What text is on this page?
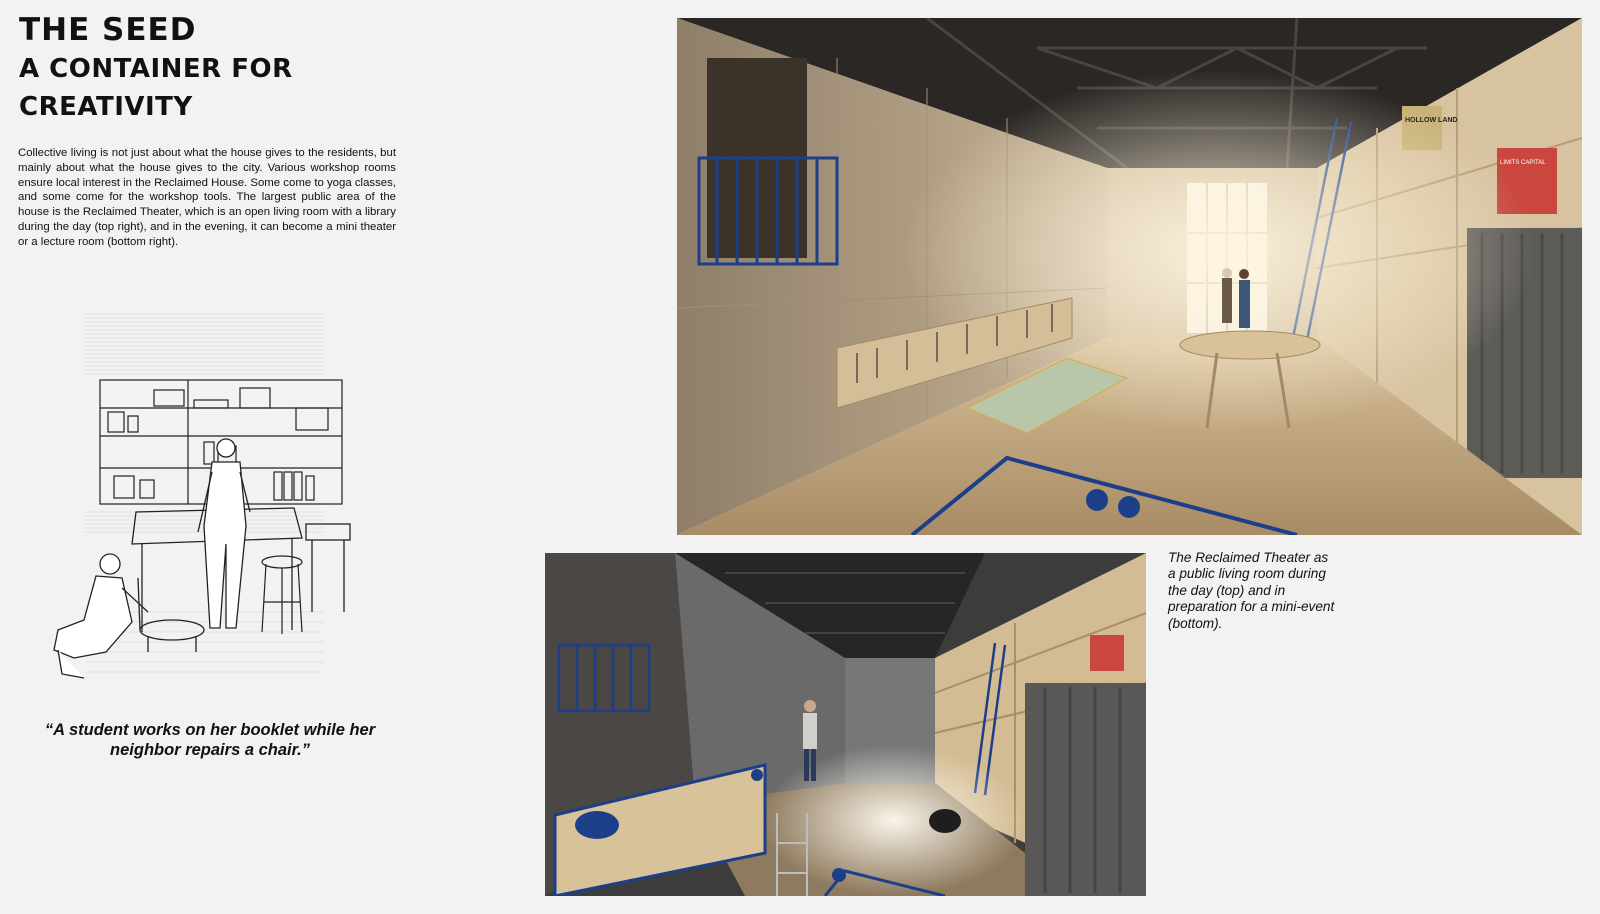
THE SEED
A CONTAINER FOR CREATIVITY

Collective living is not just about what the house gives to the residents, but mainly about what the house gives to the city. Various workshop rooms ensure local interest in the Reclaimed House. Some come to yoga classes, and some come for the workshop tools. The largest public area of the house is the Reclaimed Theater, which is an open living room with a library during the day (top right), and in the evening, it can become a mini theater or a lecture room (bottom right).

“A student works on her booklet while her neighbor repairs a chair.”

The Reclaimed Theater as a public living room during the day (top) and in preparation for a mini-event (bottom).
